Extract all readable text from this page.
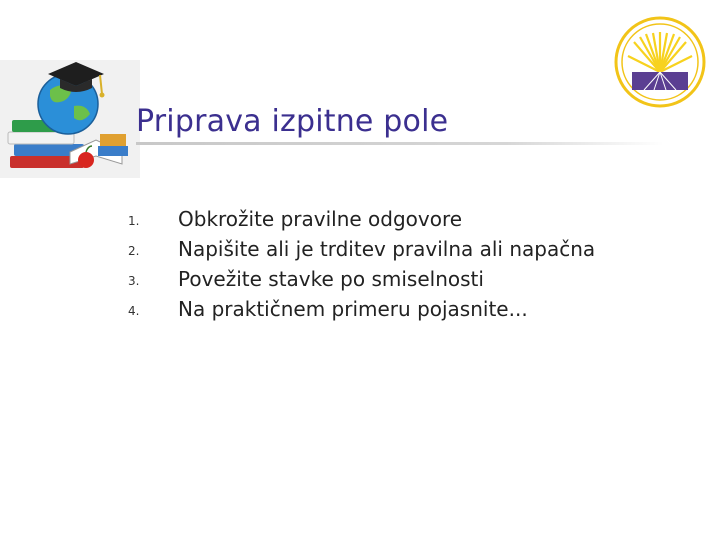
Priprava izpitne pole
1. Obkrožite pravilne odgovore
2. Napišite ali je trditev pravilna ali napačna
3. Povežite stavke po smiselnosti
4. Na praktičnem primeru pojasnite...
